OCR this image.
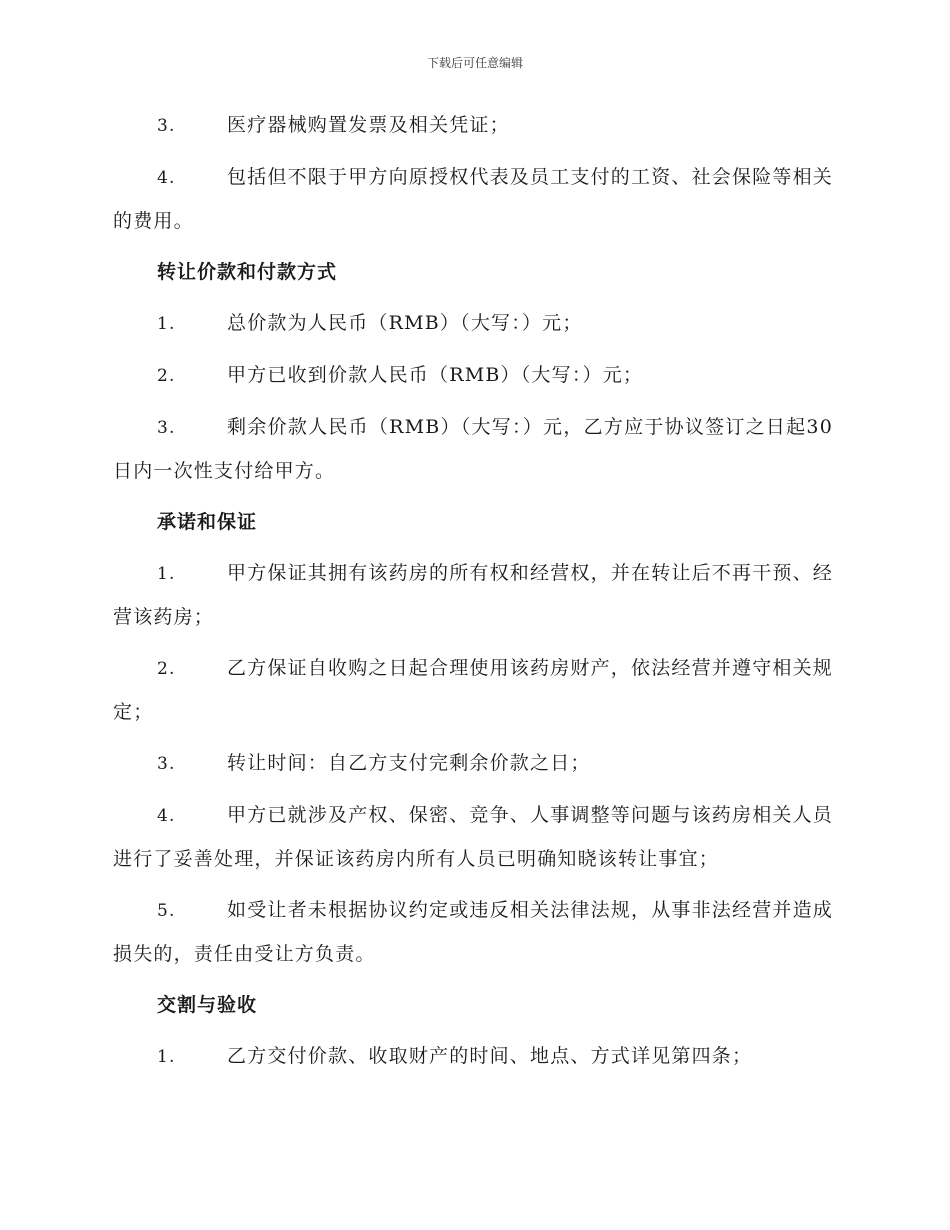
下载后可任意编辑
3.	医疗器械购置发票及相关凭证；
4.	包括但不限于甲方向原授权代表及员工支付的工资、社会保险等相关的费用。
转让价款和付款方式
1.	总价款为人民币（RMB）（大写：）元；
2.	甲方已收到价款人民币（RMB）（大写：）元；
3.	剩余价款人民币（RMB）（大写：）元，乙方应于协议签订之日起30日内一次性支付给甲方。
承诺和保证
1.	甲方保证其拥有该药房的所有权和经营权，并在转让后不再干预、经营该药房；
2.	乙方保证自收购之日起合理使用该药房财产，依法经营并遵守相关规定；
3.	转让时间：自乙方支付完剩余价款之日；
4.	甲方已就涉及产权、保密、竞争、人事调整等问题与该药房相关人员进行了妥善处理，并保证该药房内所有人员已明确知晓该转让事宜；
5.	如受让者未根据协议约定或违反相关法律法规，从事非法经营并造成损失的，责任由受让方负责。
交割与验收
1.	乙方交付价款、收取财产的时间、地点、方式详见第四条；
